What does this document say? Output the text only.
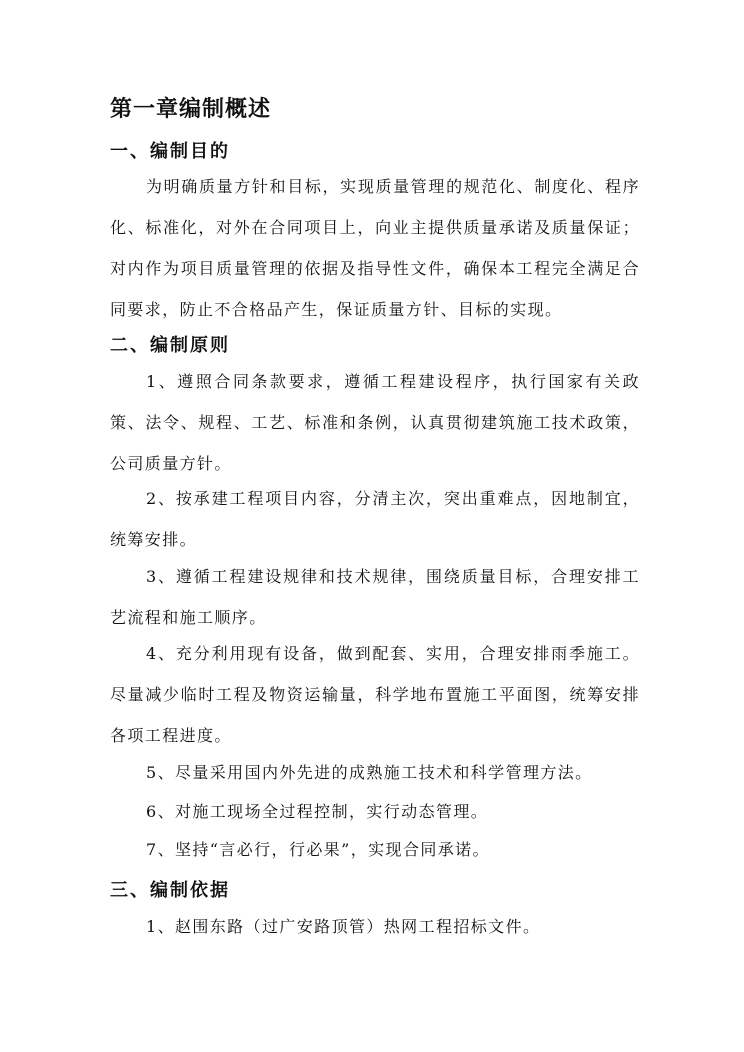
第一章编制概述
一、编制目的

为明确质量方针和目标，实现质量管理的规范化、制度化、程序化、标准化，对外在合同项目上，向业主提供质量承诺及质量保证；对内作为项目质量管理的依据及指导性文件，确保本工程完全满足合同要求，防止不合格品产生，保证质量方针、目标的实现。

二、编制原则

1、遵照合同条款要求，遵循工程建设程序，执行国家有关政策、法令、规程、工艺、标准和条例，认真贯彻建筑施工技术政策，公司质量方针。

2、按承建工程项目内容，分清主次，突出重难点，因地制宜，统筹安排。

3、遵循工程建设规律和技术规律，围绕质量目标，合理安排工艺流程和施工顺序。

4、充分利用现有设备，做到配套、实用，合理安排雨季施工。尽量减少临时工程及物资运输量，科学地布置施工平面图，统筹安排各项工程进度。

5、尽量采用国内外先进的成熟施工技术和科学管理方法。

6、对施工现场全过程控制，实行动态管理。

7、坚持“言必行，行必果”，实现合同承诺。

三、编制依据

1、赵围东路（过广安路顶管）热网工程招标文件。
